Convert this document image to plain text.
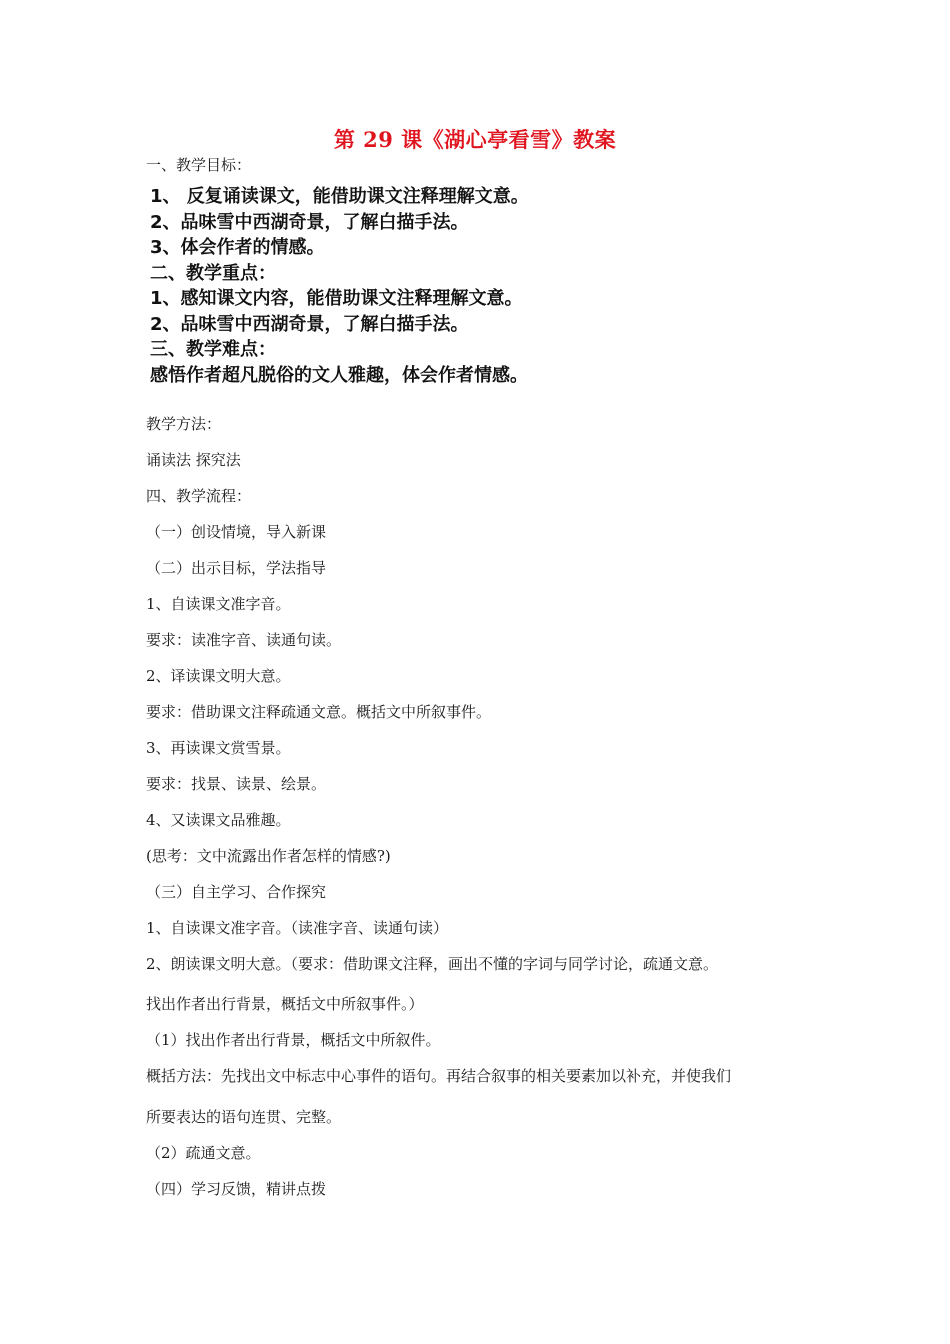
第 29 课《湖心亭看雪》教案
一、教学目标：
1、 反复诵读课文，能借助课文注释理解文意。
2、品味雪中西湖奇景，了解白描手法。
3、体会作者的情感。
二、教学重点：
1、感知课文内容，能借助课文注释理解文意。
2、品味雪中西湖奇景，了解白描手法。
三、教学难点：
感悟作者超凡脱俗的文人雅趣，体会作者情感。
教学方法：
诵读法 探究法
四、教学流程：
（一）创设情境，导入新课
（二）出示目标，学法指导
1、自读课文准字音。
要求：读准字音、读通句读。
2、译读课文明大意。
要求：借助课文注释疏通文意。概括文中所叙事件。
3、再读课文赏雪景。
要求：找景、读景、绘景。
4、又读课文品雅趣。
(思考：文中流露出作者怎样的情感?)
（三）自主学习、合作探究
1、自读课文准字音。（读准字音、读通句读）
2、朗读课文明大意。（要求：借助课文注释，画出不懂的字词与同学讨论，疏通文意。
找出作者出行背景，概括文中所叙事件。）
（1）找出作者出行背景，概括文中所叙件。
概括方法：先找出文中标志中心事件的语句。再结合叙事的相关要素加以补充，并使我们
所要表达的语句连贯、完整。
（2）疏通文意。
（四）学习反馈，精讲点拨
